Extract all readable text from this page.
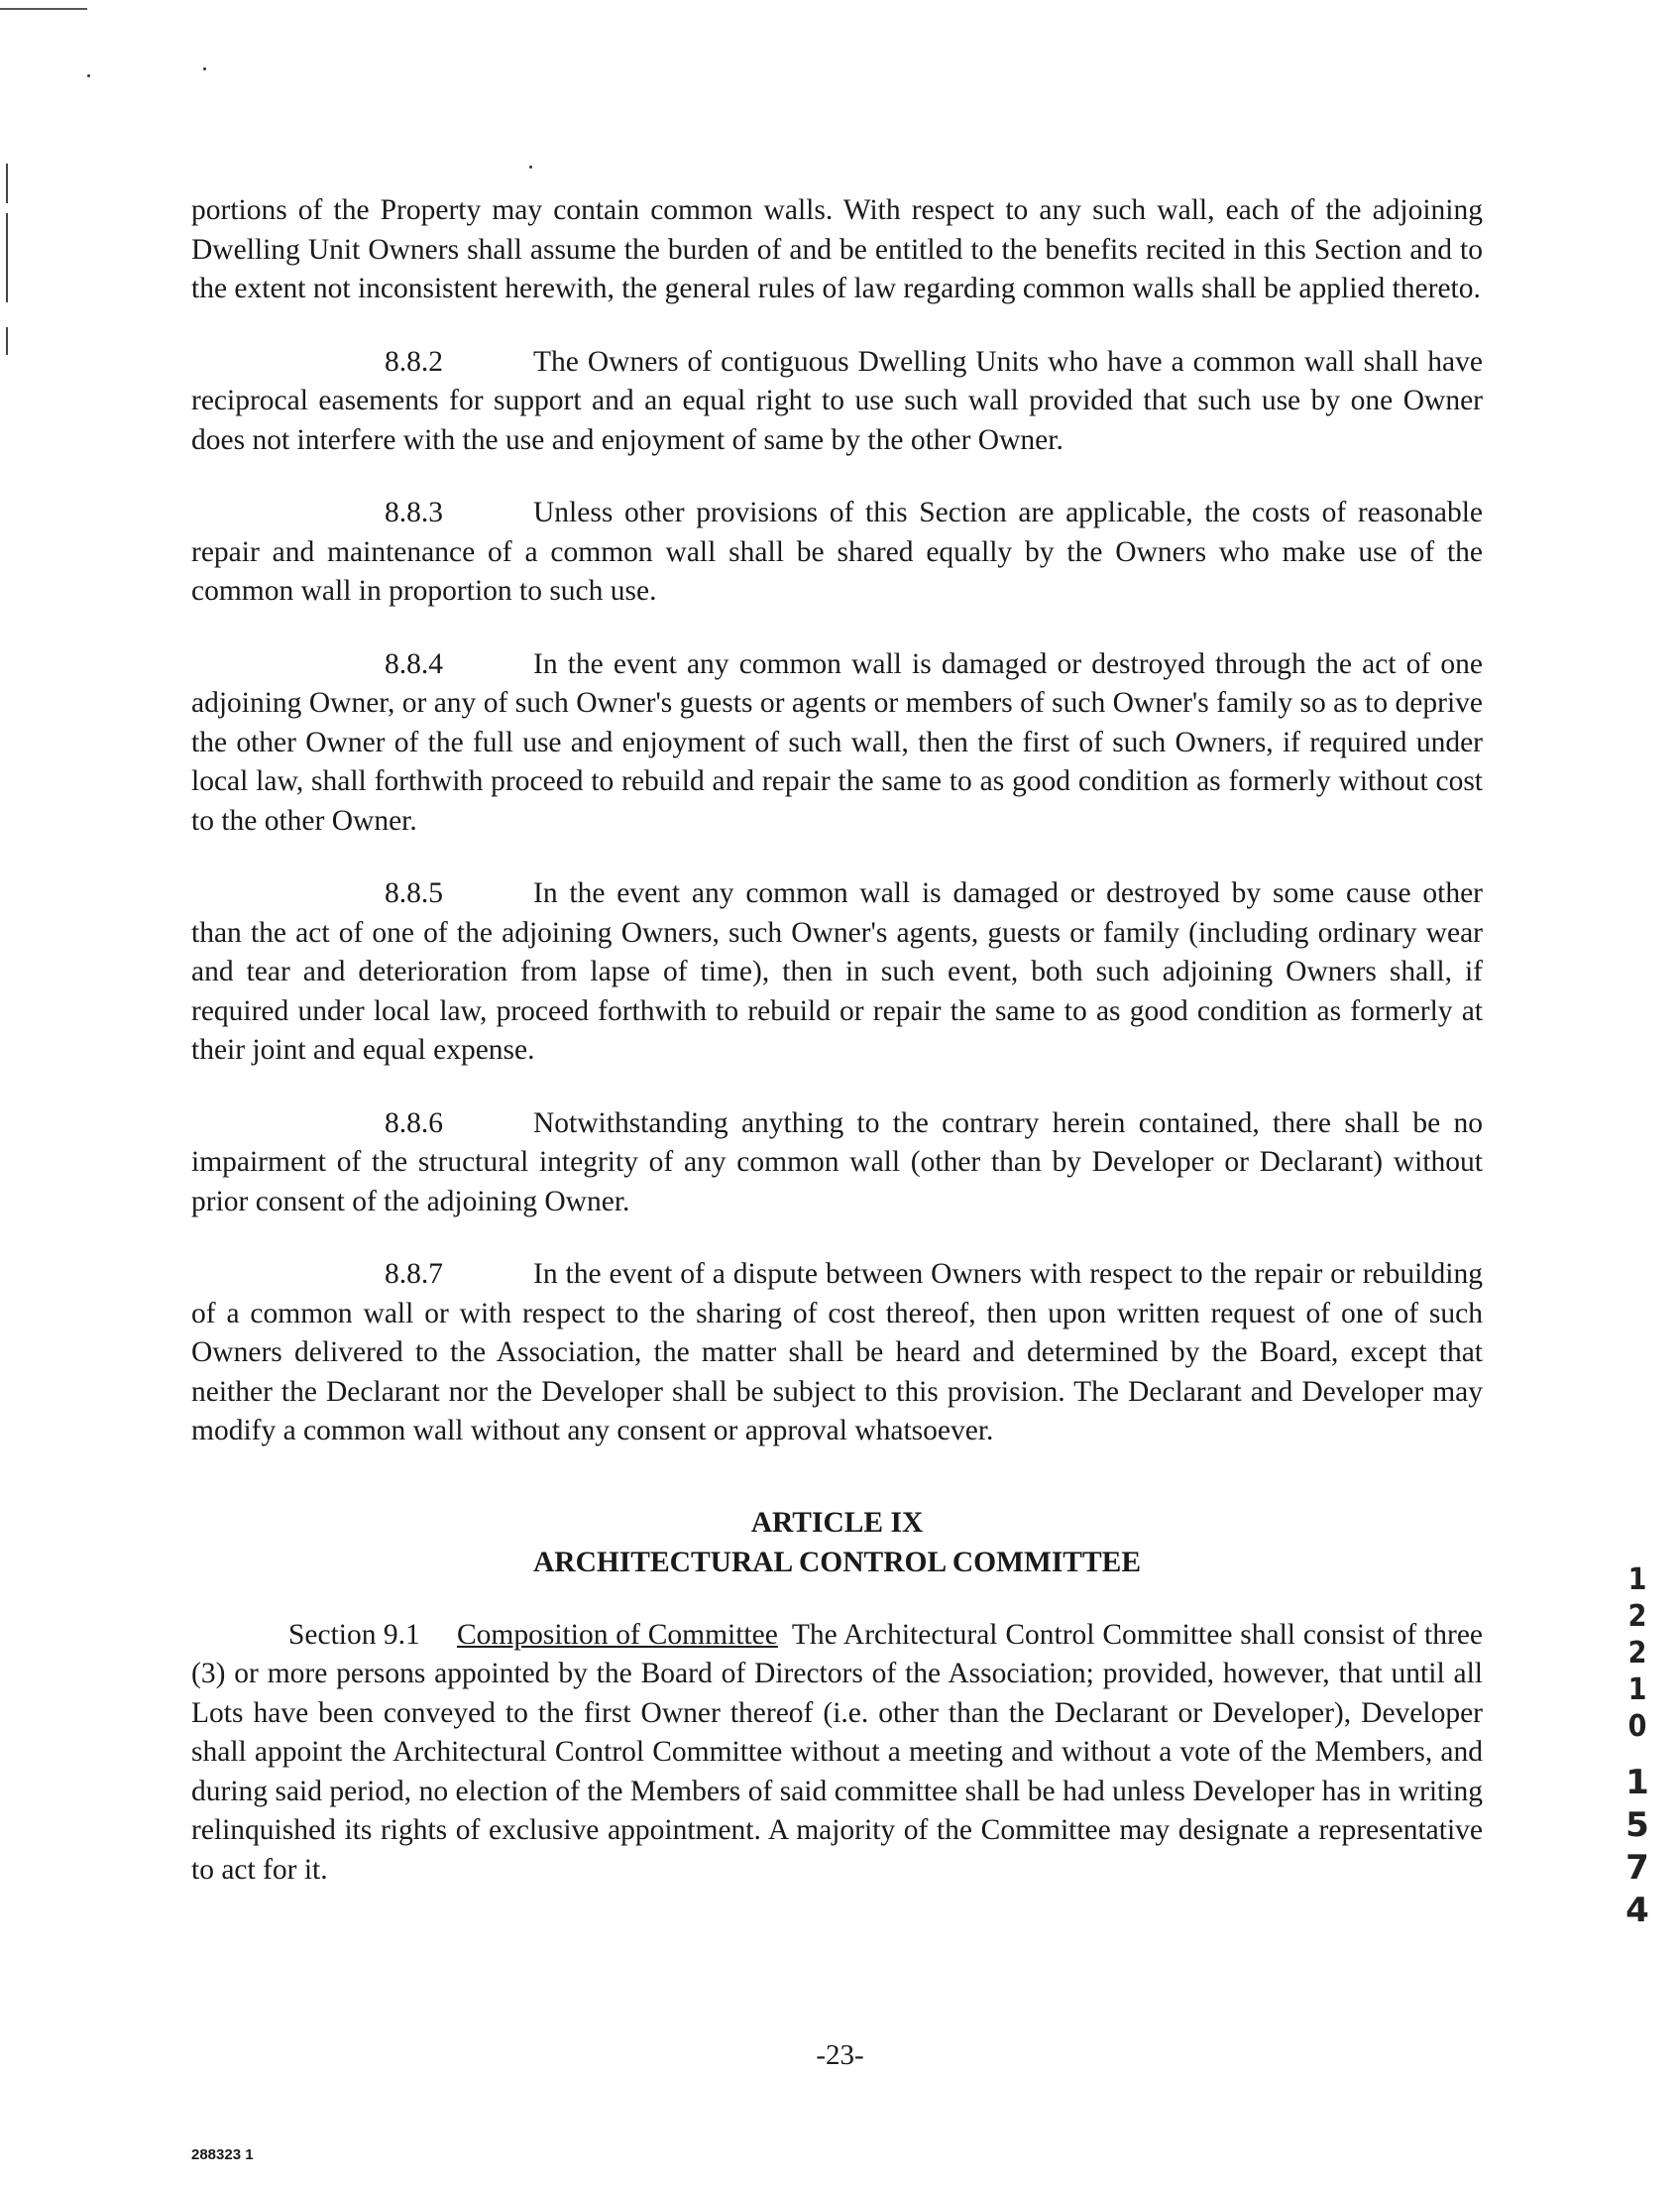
portions of the Property may contain common walls. With respect to any such wall, each of the adjoining Dwelling Unit Owners shall assume the burden of and be entitled to the benefits recited in this Section and to the extent not inconsistent herewith, the general rules of law regarding common walls shall be applied thereto.

8.8.2	The Owners of contiguous Dwelling Units who have a common wall shall have reciprocal easements for support and an equal right to use such wall provided that such use by one Owner does not interfere with the use and enjoyment of same by the other Owner.

8.8.3	Unless other provisions of this Section are applicable, the costs of reasonable repair and maintenance of a common wall shall be shared equally by the Owners who make use of the common wall in proportion to such use.

8.8.4	In the event any common wall is damaged or destroyed through the act of one adjoining Owner, or any of such Owner's guests or agents or members of such Owner's family so as to deprive the other Owner of the full use and enjoyment of such wall, then the first of such Owners, if required under local law, shall forthwith proceed to rebuild and repair the same to as good condition as formerly without cost to the other Owner.

8.8.5	In the event any common wall is damaged or destroyed by some cause other than the act of one of the adjoining Owners, such Owner's agents, guests or family (including ordinary wear and tear and deterioration from lapse of time), then in such event, both such adjoining Owners shall, if required under local law, proceed forthwith to rebuild or repair the same to as good condition as formerly at their joint and equal expense.

8.8.6	Notwithstanding anything to the contrary herein contained, there shall be no impairment of the structural integrity of any common wall (other than by Developer or Declarant) without prior consent of the adjoining Owner.

8.8.7	In the event of a dispute between Owners with respect to the repair or rebuilding of a common wall or with respect to the sharing of cost thereof, then upon written request of one of such Owners delivered to the Association, the matter shall be heard and determined by the Board, except that neither the Declarant nor the Developer shall be subject to this provision. The Declarant and Developer may modify a common wall without any consent or approval whatsoever.

ARTICLE IX
ARCHITECTURAL CONTROL COMMITTEE

Section 9.1 Composition of Committee The Architectural Control Committee shall consist of three (3) or more persons appointed by the Board of Directors of the Association; provided, however, that until all Lots have been conveyed to the first Owner thereof (i.e. other than the Declarant or Developer), Developer shall appoint the Architectural Control Committee without a meeting and without a vote of the Members, and during said period, no election of the Members of said committee shall be had unless Developer has in writing relinquished its rights of exclusive appointment. A majority of the Committee may designate a representative to act for it.

-23-
288323 1
1
2
2
1
0
1
5
7
4
